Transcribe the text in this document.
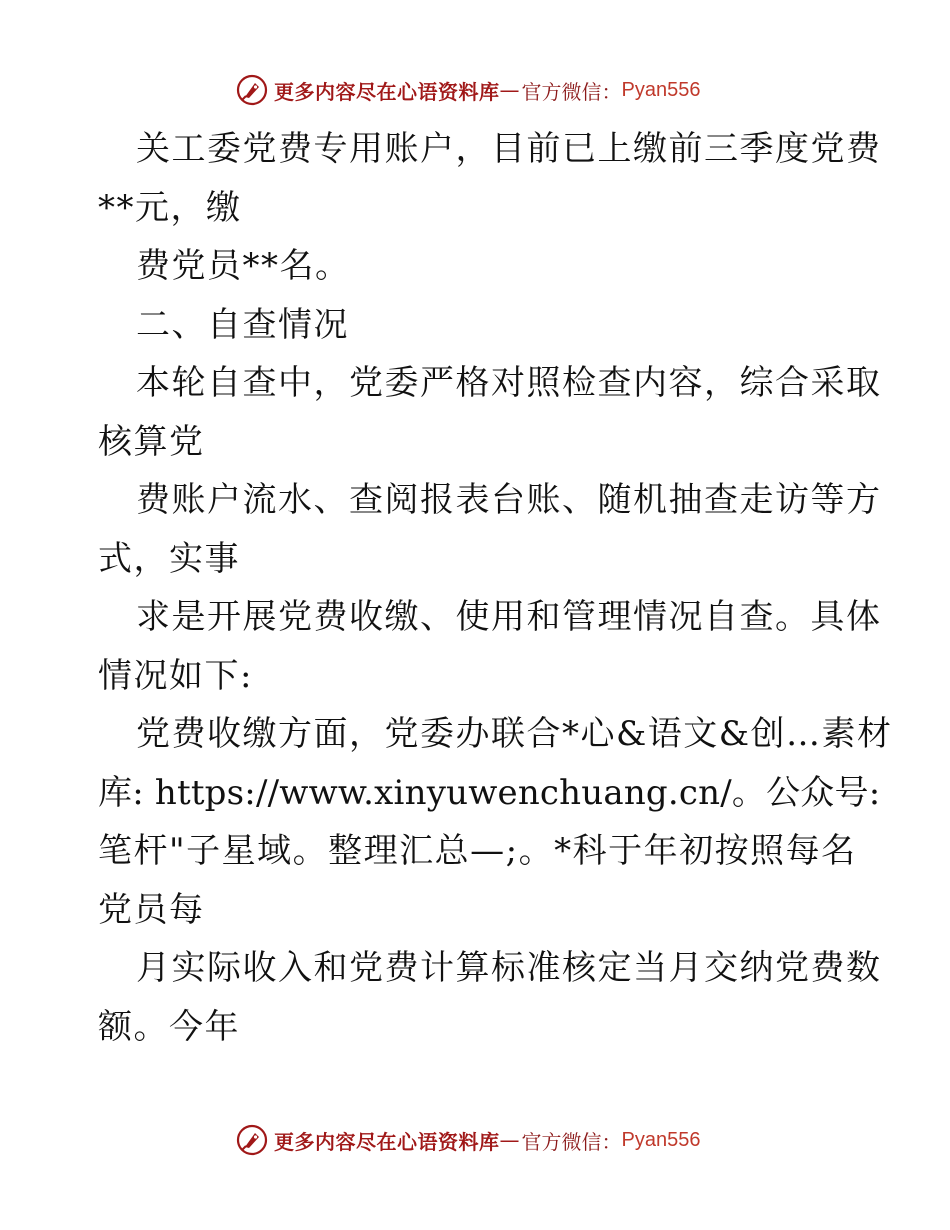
更多内容尽在心语资料库 — 官方微信： Pyan556
关工委党费专用账户，目前已上缴前三季度党费
**元，缴
费党员**名。
二、自查情况
本轮自查中，党委严格对照检查内容，综合采取
核算党
费账户流水、查阅报表台账、随机抽查走访等方
式，实事
求是开展党费收缴、使用和管理情况自查。具体
情况如下:
党费收缴方面，党委办联合*心&语文&创…素材
库: https://www.xinyuwenchuang.cn/。公众号:
笔杆"子星域。整理汇总—;。*科于年初按照每名
党员每
月实际收入和党费计算标准核定当月交纳党费数
额。今年
更多内容尽在心语资料库 — 官方微信： Pyan556
